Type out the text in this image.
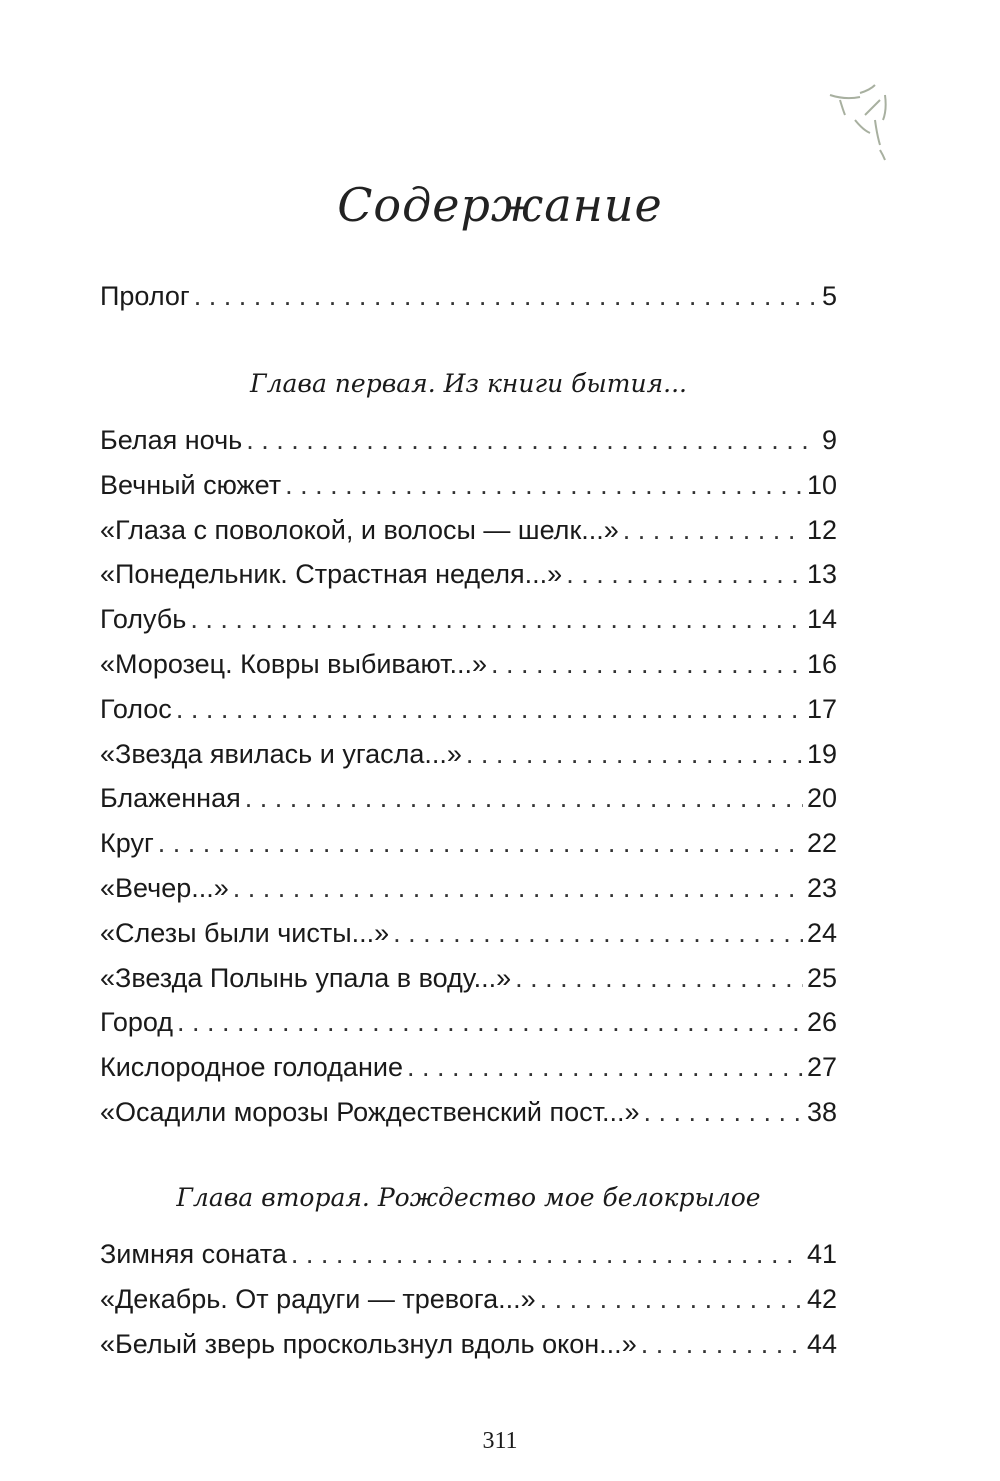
Содержание
Пролог . . .	5
Глава первая. Из книги бытия...
Белая ночь . . .	9
Вечный сюжет . . .	10
«Глаза с поволокой, и волосы — шелк...» . . .	12
«Понедельник. Страстная неделя...» . . .	13
Голубь . . .	14
«Морозец. Ковры выбивают...» . . .	16
Голос . . .	17
«Звезда явилась и угасла...» . . .	19
Блаженная . . .	20
Круг . . .	22
«Вечер...» . . .	23
«Слезы были чисты...» . . .	24
«Звезда Полынь упала в воду...» . . .	25
Город . . .	26
Кислородное голодание . . .	27
«Осадили морозы Рождественский пост...» . . .	38
Глава вторая. Рождество мое белокрылое
Зимняя соната . . .	41
«Декабрь. От радуги — тревога...» . . .	42
«Белый зверь проскользнул вдоль окон...» . . .	44
311
